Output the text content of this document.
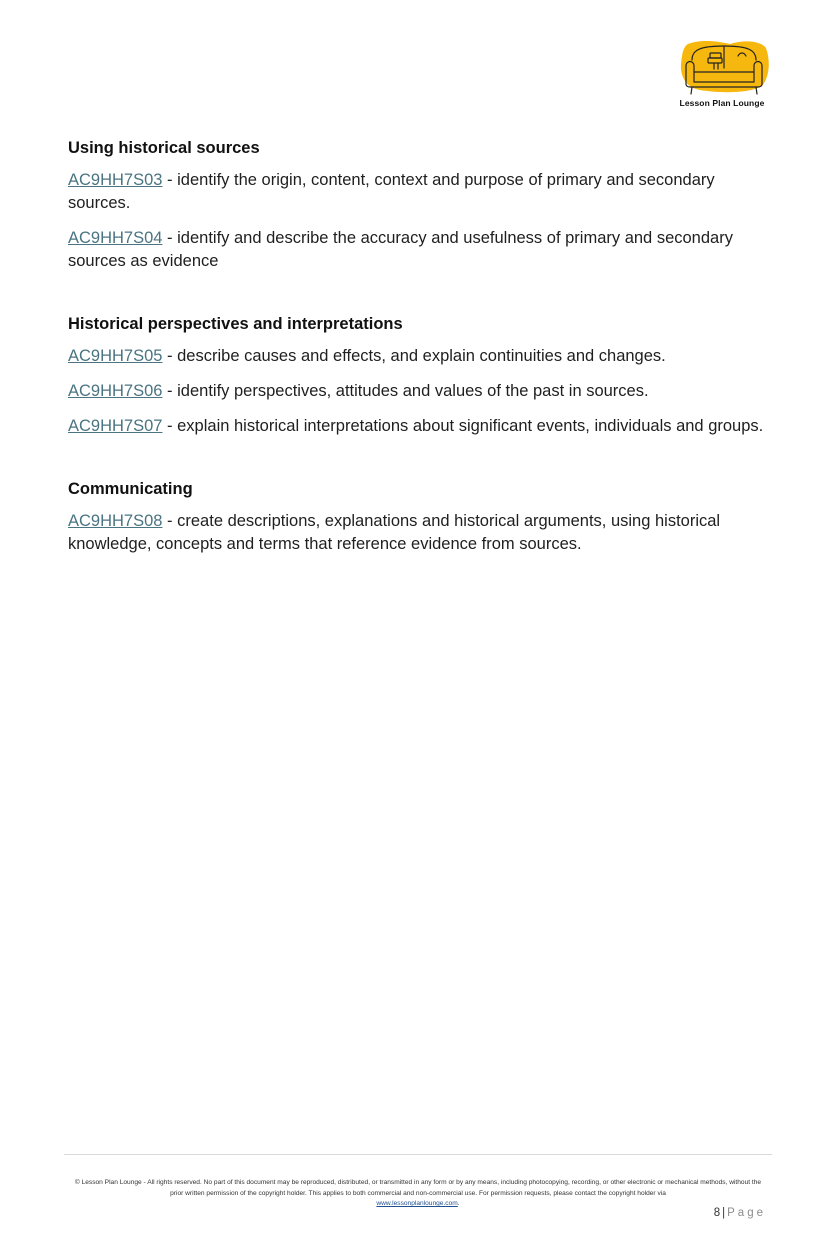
Lesson Plan Lounge

Using historical sources

AC9HH7S03 - identify the origin, content, context and purpose of primary and secondary sources.

AC9HH7S04 - identify and describe the accuracy and usefulness of primary and secondary sources as evidence

Historical perspectives and interpretations

AC9HH7S05 - describe causes and effects, and explain continuities and changes.

AC9HH7S06 - identify perspectives, attitudes and values of the past in sources.

AC9HH7S07 - explain historical interpretations about significant events, individuals and groups.

Communicating

AC9HH7S08 - create descriptions, explanations and historical arguments, using historical knowledge, concepts and terms that reference evidence from sources.

© Lesson Plan Lounge - All rights reserved. No part of this document may be reproduced, distributed, or transmitted in any form or by any means, including photocopying, recording, or other electronic or mechanical methods, without the prior written permission of the copyright holder. This applies to both commercial and non-commercial use. For permission requests, please contact the copyright holder via
www.lessonplanlounge.com.
8 | Page
